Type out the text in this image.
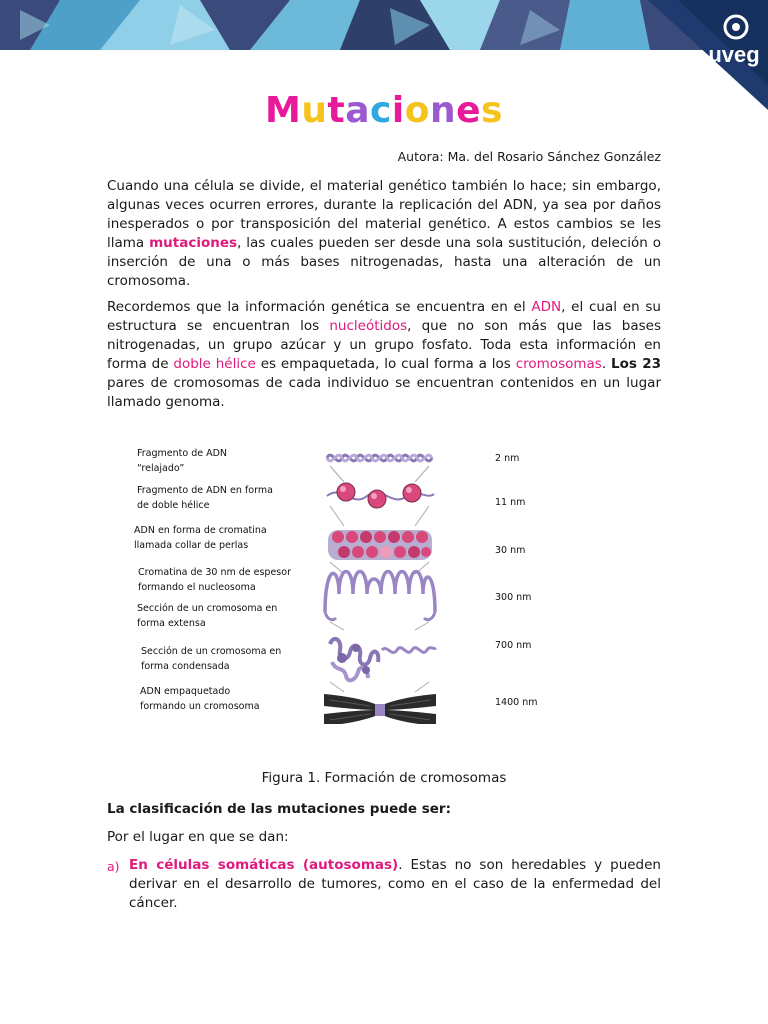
uveg
Mutaciones
Autora: Ma. del Rosario Sánchez González

Cuando una célula se divide, el material genético también lo hace; sin embargo, algunas veces ocurren errores, durante la replicación del ADN, ya sea por daños inesperados o por transposición del material genético. A estos cambios se les llama mutaciones, las cuales pueden ser desde una sola sustitución, deleción o inserción de una o más bases nitrogenadas, hasta una alteración de un cromosoma.

Recordemos que la información genética se encuentra en el ADN, el cual en su estructura se encuentran los nucleótidos, que no son más que las bases nitrogenadas, un grupo azúcar y un grupo fosfato. Toda esta información en forma de doble hélice es empaquetada, lo cual forma a los cromosomas. Los 23 pares de cromosomas de cada individuo se encuentran contenidos en un lugar llamado genoma.

Fragmento de ADN
“relajado”
Fragmento de ADN en forma
de doble hélice
ADN en forma de cromatina
llamada collar de perlas
Cromatina de 30 nm de espesor
formando el nucleosoma
Sección de un cromosoma en
forma extensa
Sección de un cromosoma en
forma condensada
ADN empaquetado
formando un cromosoma
2 nm
11 nm
30 nm
300 nm
700 nm
1400 nm
Figura 1. Formación de cromosomas
La clasificación de las mutaciones puede ser:
Por el lugar en que se dan:
a) En células somáticas (autosomas). Estas no son heredables y pueden derivar en el desarrollo de tumores, como en el caso de la enfermedad del cáncer.
